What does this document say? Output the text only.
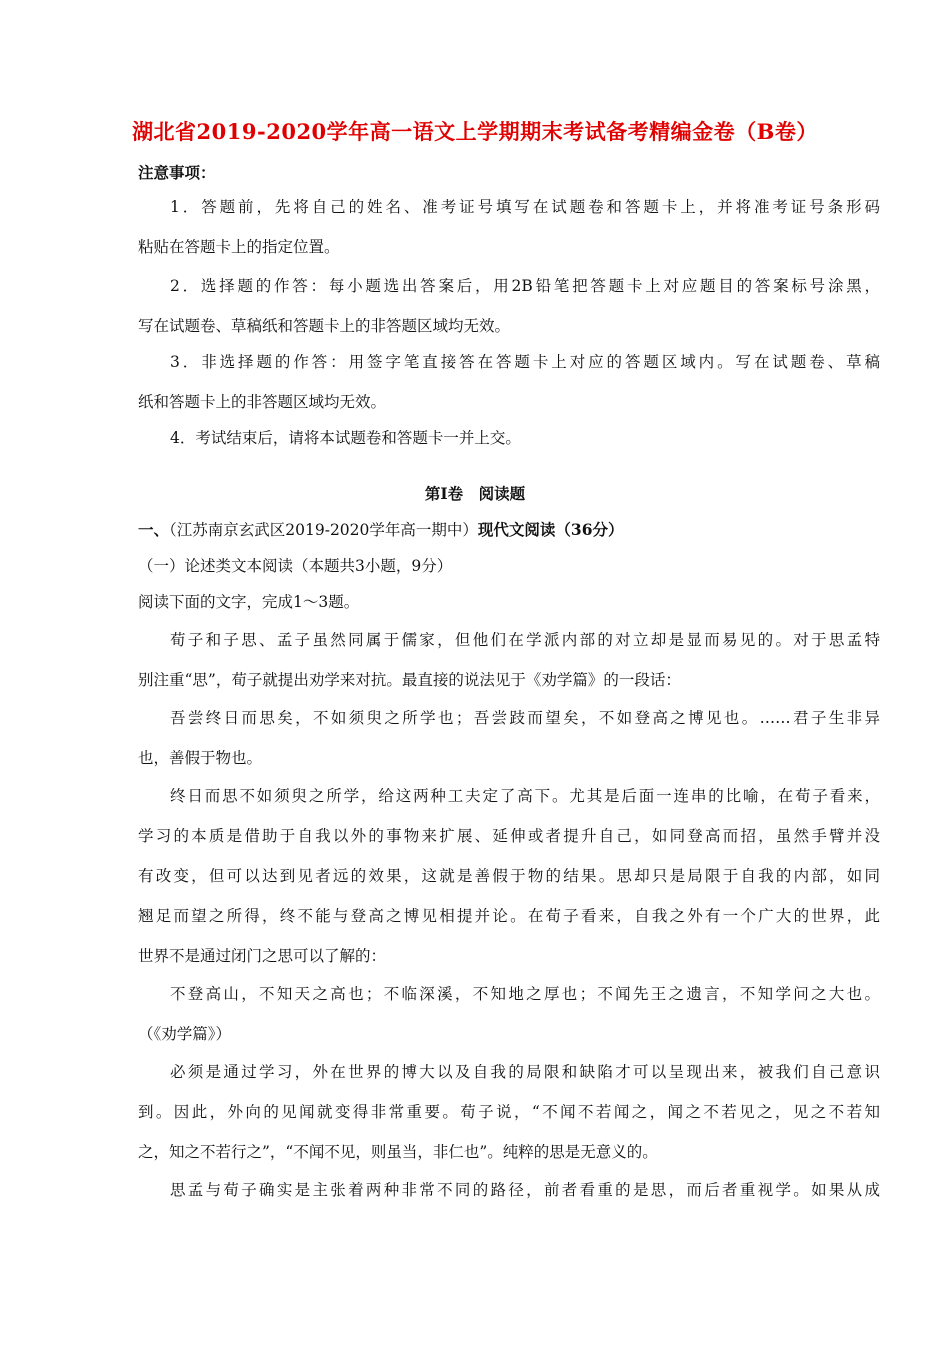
湖北省2019-2020学年高一语文上学期期末考试备考精编金卷（B卷）
注意事项：
1．答题前，先将自己的姓名、准考证号填写在试题卷和答题卡上，并将准考证号条形码
粘贴在答题卡上的指定位置。
2．选择题的作答：每小题选出答案后，用2B铅笔把答题卡上对应题目的答案标号涂黑，
写在试题卷、草稿纸和答题卡上的非答题区域均无效。
3．非选择题的作答：用签字笔直接答在答题卡上对应的答题区域内。写在试题卷、草稿
纸和答题卡上的非答题区域均无效。
4．考试结束后，请将本试题卷和答题卡一并上交。
第Ⅰ卷　阅读题
一、（江苏南京玄武区2019-2020学年高一期中）现代文阅读（36分）
（一）论述类文本阅读（本题共3小题，9分）
阅读下面的文字，完成1～3题。
荀子和子思、孟子虽然同属于儒家，但他们在学派内部的对立却是显而易见的。对于思孟特
别注重“思”，荀子就提出劝学来对抗。最直接的说法见于《劝学篇》的一段话：
吾尝终日而思矣，不如须臾之所学也；吾尝跂而望矣，不如登高之博见也。……君子生非异
也，善假于物也。
终日而思不如须臾之所学，给这两种工夫定了高下。尤其是后面一连串的比喻，在荀子看来，
学习的本质是借助于自我以外的事物来扩展、延伸或者提升自己，如同登高而招，虽然手臂并没
有改变，但可以达到见者远的效果，这就是善假于物的结果。思却只是局限于自我的内部，如同
翘足而望之所得，终不能与登高之博见相提并论。在荀子看来，自我之外有一个广大的世界，此
世界不是通过闭门之思可以了解的：
不登高山，不知天之高也；不临深溪，不知地之厚也；不闻先王之遗言，不知学问之大也。
（《劝学篇》）
必须是通过学习，外在世界的博大以及自我的局限和缺陷才可以呈现出来，被我们自己意识
到。因此，外向的见闻就变得非常重要。荀子说，“不闻不若闻之，闻之不若见之，见之不若知
之，知之不若行之”，“不闻不见，则虽当，非仁也”。纯粹的思是无意义的。
思孟与荀子确实是主张着两种非常不同的路径，前者看重的是思，而后者重视学。如果从成
